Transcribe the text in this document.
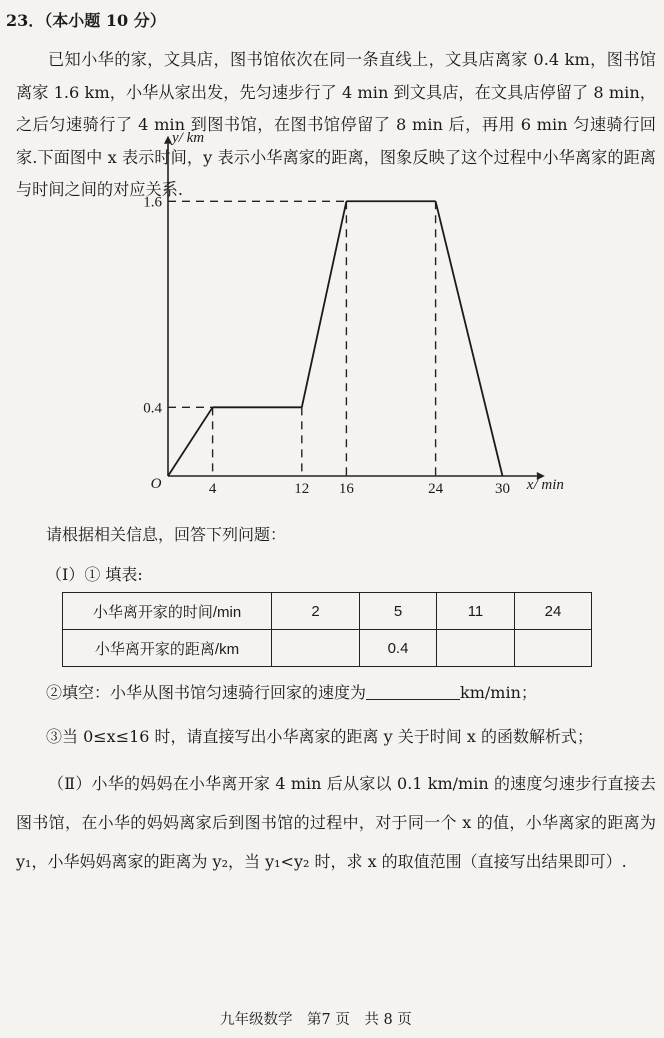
23．（本小题 10 分）

已知小华的家，文具店，图书馆依次在同一条直线上，文具店离家 0.4 km，图书馆离家 1.6 km，小华从家出发，先匀速步行了 4 min 到文具店，在文具店停留了 8 min，之后匀速骑行了 4 min 到图书馆，在图书馆停留了 8 min 后，再用 6 min 匀速骑行回家.下面图中 x 表示时间，y 表示小华离家的距离，图象反映了这个过程中小华离家的距离与时间之间的对应关系.

y/ km
x/ min
O
0.4
1.6
4	12 16	24	30
请根据相关信息，回答下列问题：
（Ⅰ）① 填表:
小华离开家的时间/min	2	5	11	24
小华离开家的距离/km		0.4		
②填空：小华从图书馆匀速骑行回家的速度为	km/min；
③当 0≤x≤16 时，请直接写出小华离家的距离 y 关于时间 x 的函数解析式；

（Ⅱ）小华的妈妈在小华离开家 4 min 后从家以 0.1 km/min 的速度匀速步行直接去图书馆，在小华的妈妈离家后到图书馆的过程中，对于同一个 x 的值，小华离家的距离为 y₁，小华妈妈离家的距离为 y₂，当 y₁<y₂ 时，求 x 的取值范围（直接写出结果即可）.

九年级数学　第7 页　共 8 页
